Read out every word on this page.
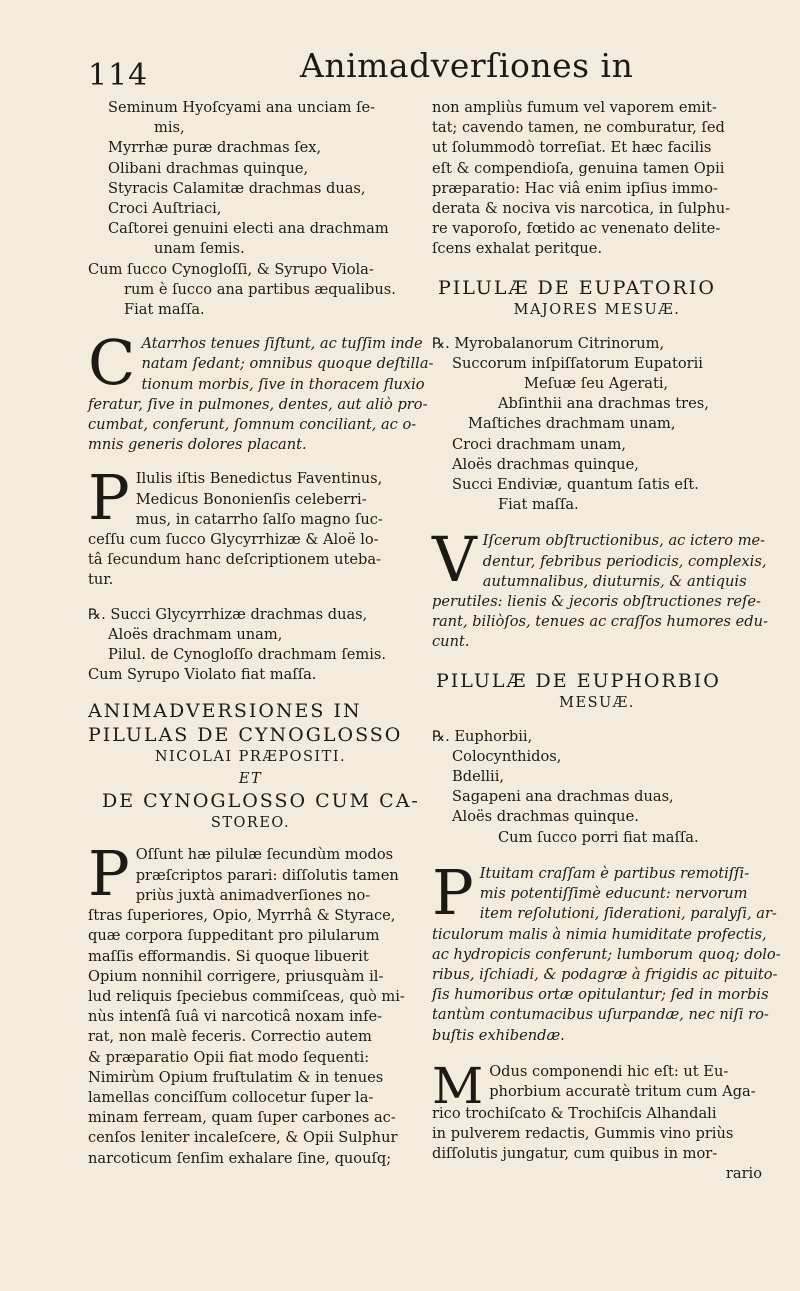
114	Animadverſiones in
Seminum Hyoſcyami ana unciam ſe-
mis,
Myrrhæ puræ drachmas ſex,
Olibani drachmas quinque,
Styracis Calamitæ drachmas duas,
Croci Auſtriaci,
Caſtorei genuini electi ana drachmam
unam ſemis.
Cum ſucco Cynogloſſi, & Syrupo Viola-
rum è ſucco ana partibus æqualibus.
Fiat maſſa.
C Atarrhos tenues ſiſtunt, ac tuſſim inde
natam ſedant; omnibus quoque deſtilla-
tionum morbis, ſive in thoracem fluxio
feratur, ſive in pulmones, dentes, aut aliò pro-
cumbat, conferunt, ſomnum conciliant, ac o-
mnis generis dolores placant.
P Ilulis iſtis Benedictus Faventinus,
Medicus Bononienſis celeberri-
mus, in catarrho ſalſo magno ſuc-
ceſſu cum ſucco Glycyrrhizæ & Aloë lo-
tâ ſecundum hanc deſcriptionem uteba-
tur.
℞. Succi Glycyrrhizæ drachmas duas,
Aloës drachmam unam,
Pilul. de Cynogloſſo drachmam ſemis.
Cum Syrupo Violato fiat maſſa.
ANIMADVERSIONES IN
PILULAS DE CYNOGLOSSO
NICOLAI PRÆPOSITI.
ET
DE CYNOGLOSSO CUM CA-
STOREO.
P Oſſunt hæ pilulæ ſecundùm modos
præſcriptos parari: diſſolutis tamen
priùs juxtà animadverſiones no-
ſtras ſuperiores, Opio, Myrrhâ & Styrace,
quæ corpora ſuppeditant pro pilularum
maſſis efformandis. Si quoque libuerit
Opium nonnihil corrigere, priusquàm il-
lud reliquis ſpeciebus commiſceas, quò mi-
nùs intenſâ ſuâ vi narcoticâ noxam infe-
rat, non malè feceris. Correctio autem
& præparatio Opii fiat modo ſequenti:
Nimirùm Opium fruſtulatim & in tenues
lamellas conciſſum collocetur ſuper la-
minam ferream, quam ſuper carbones ac-
cenſos leniter incaleſcere, & Opii Sulphur
narcoticum ſenſim exhalare ſine, quouſq;
non ampliùs fumum vel vaporem emit-
tat; cavendo tamen, ne comburatur, ſed
ut ſolummodò torreſiat. Et hæc facilis
eſt & compendioſa, genuina tamen Opii
præparatio: Hac viâ enim ipſius immo-
derata & nociva vis narcotica, in ſulphu-
re vaporoſo, fœtido ac venenato delite-
ſcens exhalat peritque.
PILULÆ DE EUPATORIO
MAJORES MESUÆ.
℞. Myrobalanorum Citrinorum,
Succorum inſpiſſatorum Eupatorii
Meſuæ ſeu Agerati,
Abſinthii ana drachmas tres,
Maſtiches drachmam unam,
Croci drachmam unam,
Aloës drachmas quinque,
Succi Endiviæ, quantum ſatis eſt.
Fiat maſſa.
V Iſcerum obſtructionibus, ac ictero me-
dentur, febribus periodicis, complexis,
autumnalibus, diuturnis, & antiquis
perutiles: lienis & jecoris obſtructiones reſe-
rant, biliòſos, tenues ac craſſos humores edu-
cunt.
PILULÆ DE EUPHORBIO
MESUÆ.
℞. Euphorbii,
Colocynthidos,
Bdellii,
Sagapeni ana drachmas duas,
Aloës drachmas quinque.
Cum ſucco porri fiat maſſa.
P Ituitam craſſam è partibus remotiſſi-
mis potentiſſimè educunt: nervorum
item reſolutioni, ſiderationi, paralyſi, ar-
ticulorum malis à nimia humiditate profectis,
ac hydropicis conferunt; lumborum quoq; dolo-
ribus, iſchiadi, & podagræ à frigidis ac pituito-
ſis humoribus ortæ opitulantur; ſed in morbis
tantùm contumacibus uſurpandæ, nec niſi ro-
buſtis exhibendæ.
M Odus componendi hic eſt: ut Eu-
phorbium accuratè tritum cum Aga-
rico trochiſcato & Trochiſcis Alhandali
in pulverem redactis, Gummis vino priùs
diſſolutis jungatur, cum quibus in mor-
rario
